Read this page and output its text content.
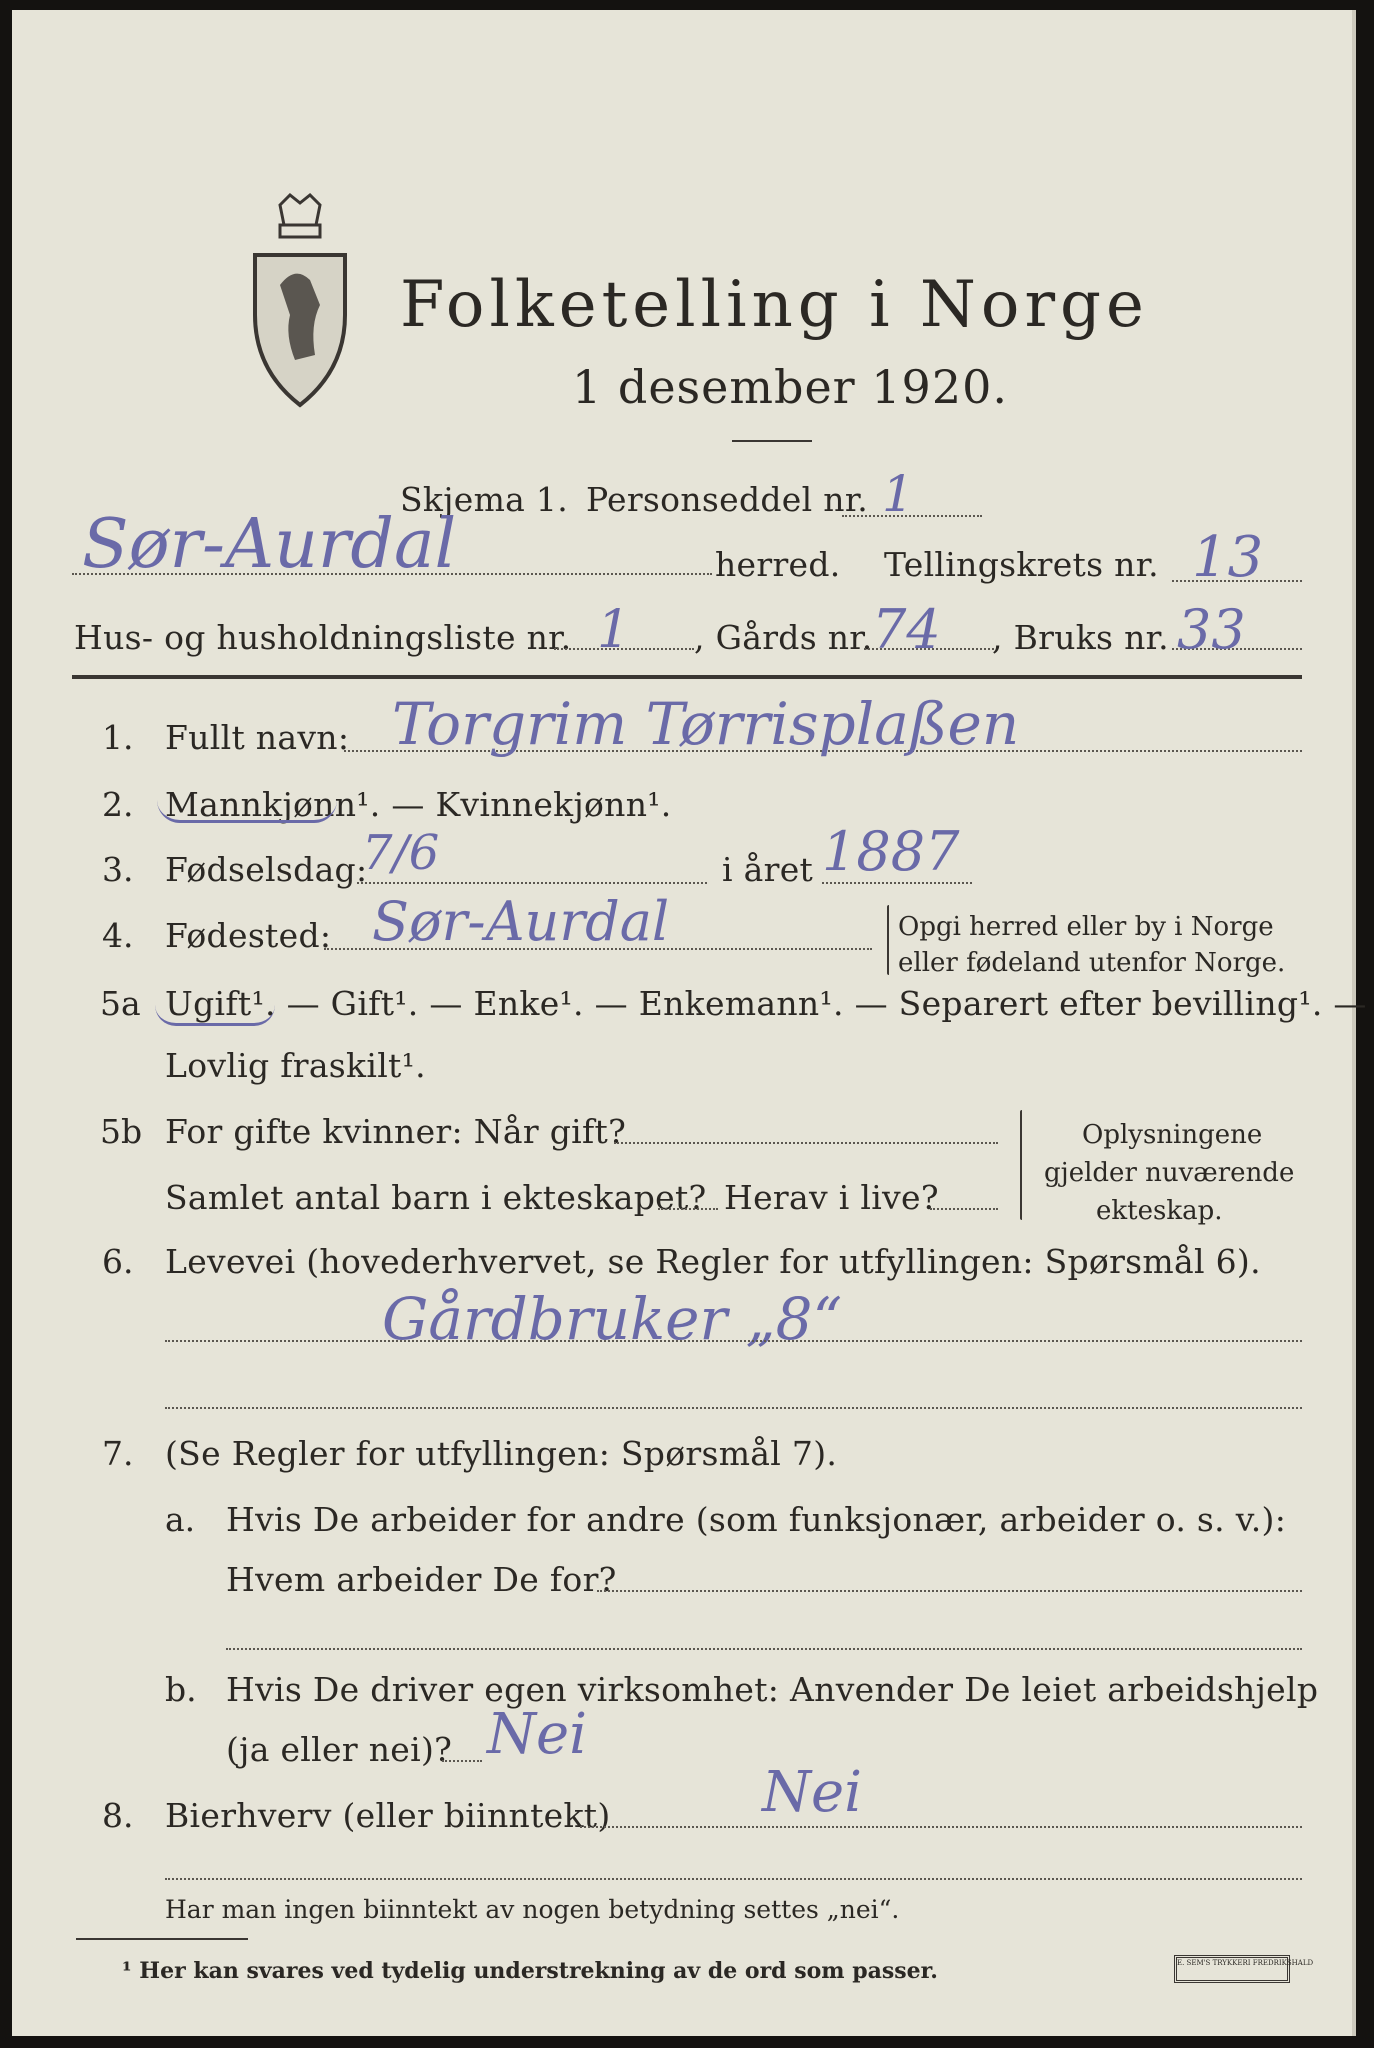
Folketelling i Norge
1 desember 1920.
Skjema 1. Personseddel nr. 1
Sør-Aurdal	herred. Tellingskrets nr. 13
Hus- og husholdningsliste nr. 1 , Gårds nr. 74 , Bruks nr. 33
1. Fullt navn: Torgrim Tørrisplaßen
2. Mannkjønn¹. — Kvinnekjønn¹.
3. Fødselsdag:
7/6	i året 1887
4. Fødested: Sør-Aurdal	Opgi herred eller by i Norge
eller fødeland utenfor Norge.
5a Ugift¹. — Gift¹. — Enke¹. — Enkemann¹. — Separert efter bevilling¹. —
Lovlig fraskilt¹.
5b For gifte kvinner: Når gift?
Samlet antal barn i ekteskapet? Herav i live?
Oplysningene
gjelder nuværende
ekteskap.
6. Levevei (hovederhvervet, se Regler for utfyllingen: Spørsmål 6).
Gårdbruker „8“
7. (Se Regler for utfyllingen: Spørsmål 7).
a. Hvis De arbeider for andre (som funksjonær, arbeider o. s. v.):
Hvem arbeider De for?
b. Hvis De driver egen virksomhet: Anvender De leiet arbeidshjelp
(ja eller nei)? Nei
8. Bierhverv (eller biinntekt)	Nei
Har man ingen biinntekt av nogen betydning settes „nei“.
¹ Her kan svares ved tydelig understrekning av de ord som passer.	E. SEM'S TRYKKERI FREDRIKSHALD
